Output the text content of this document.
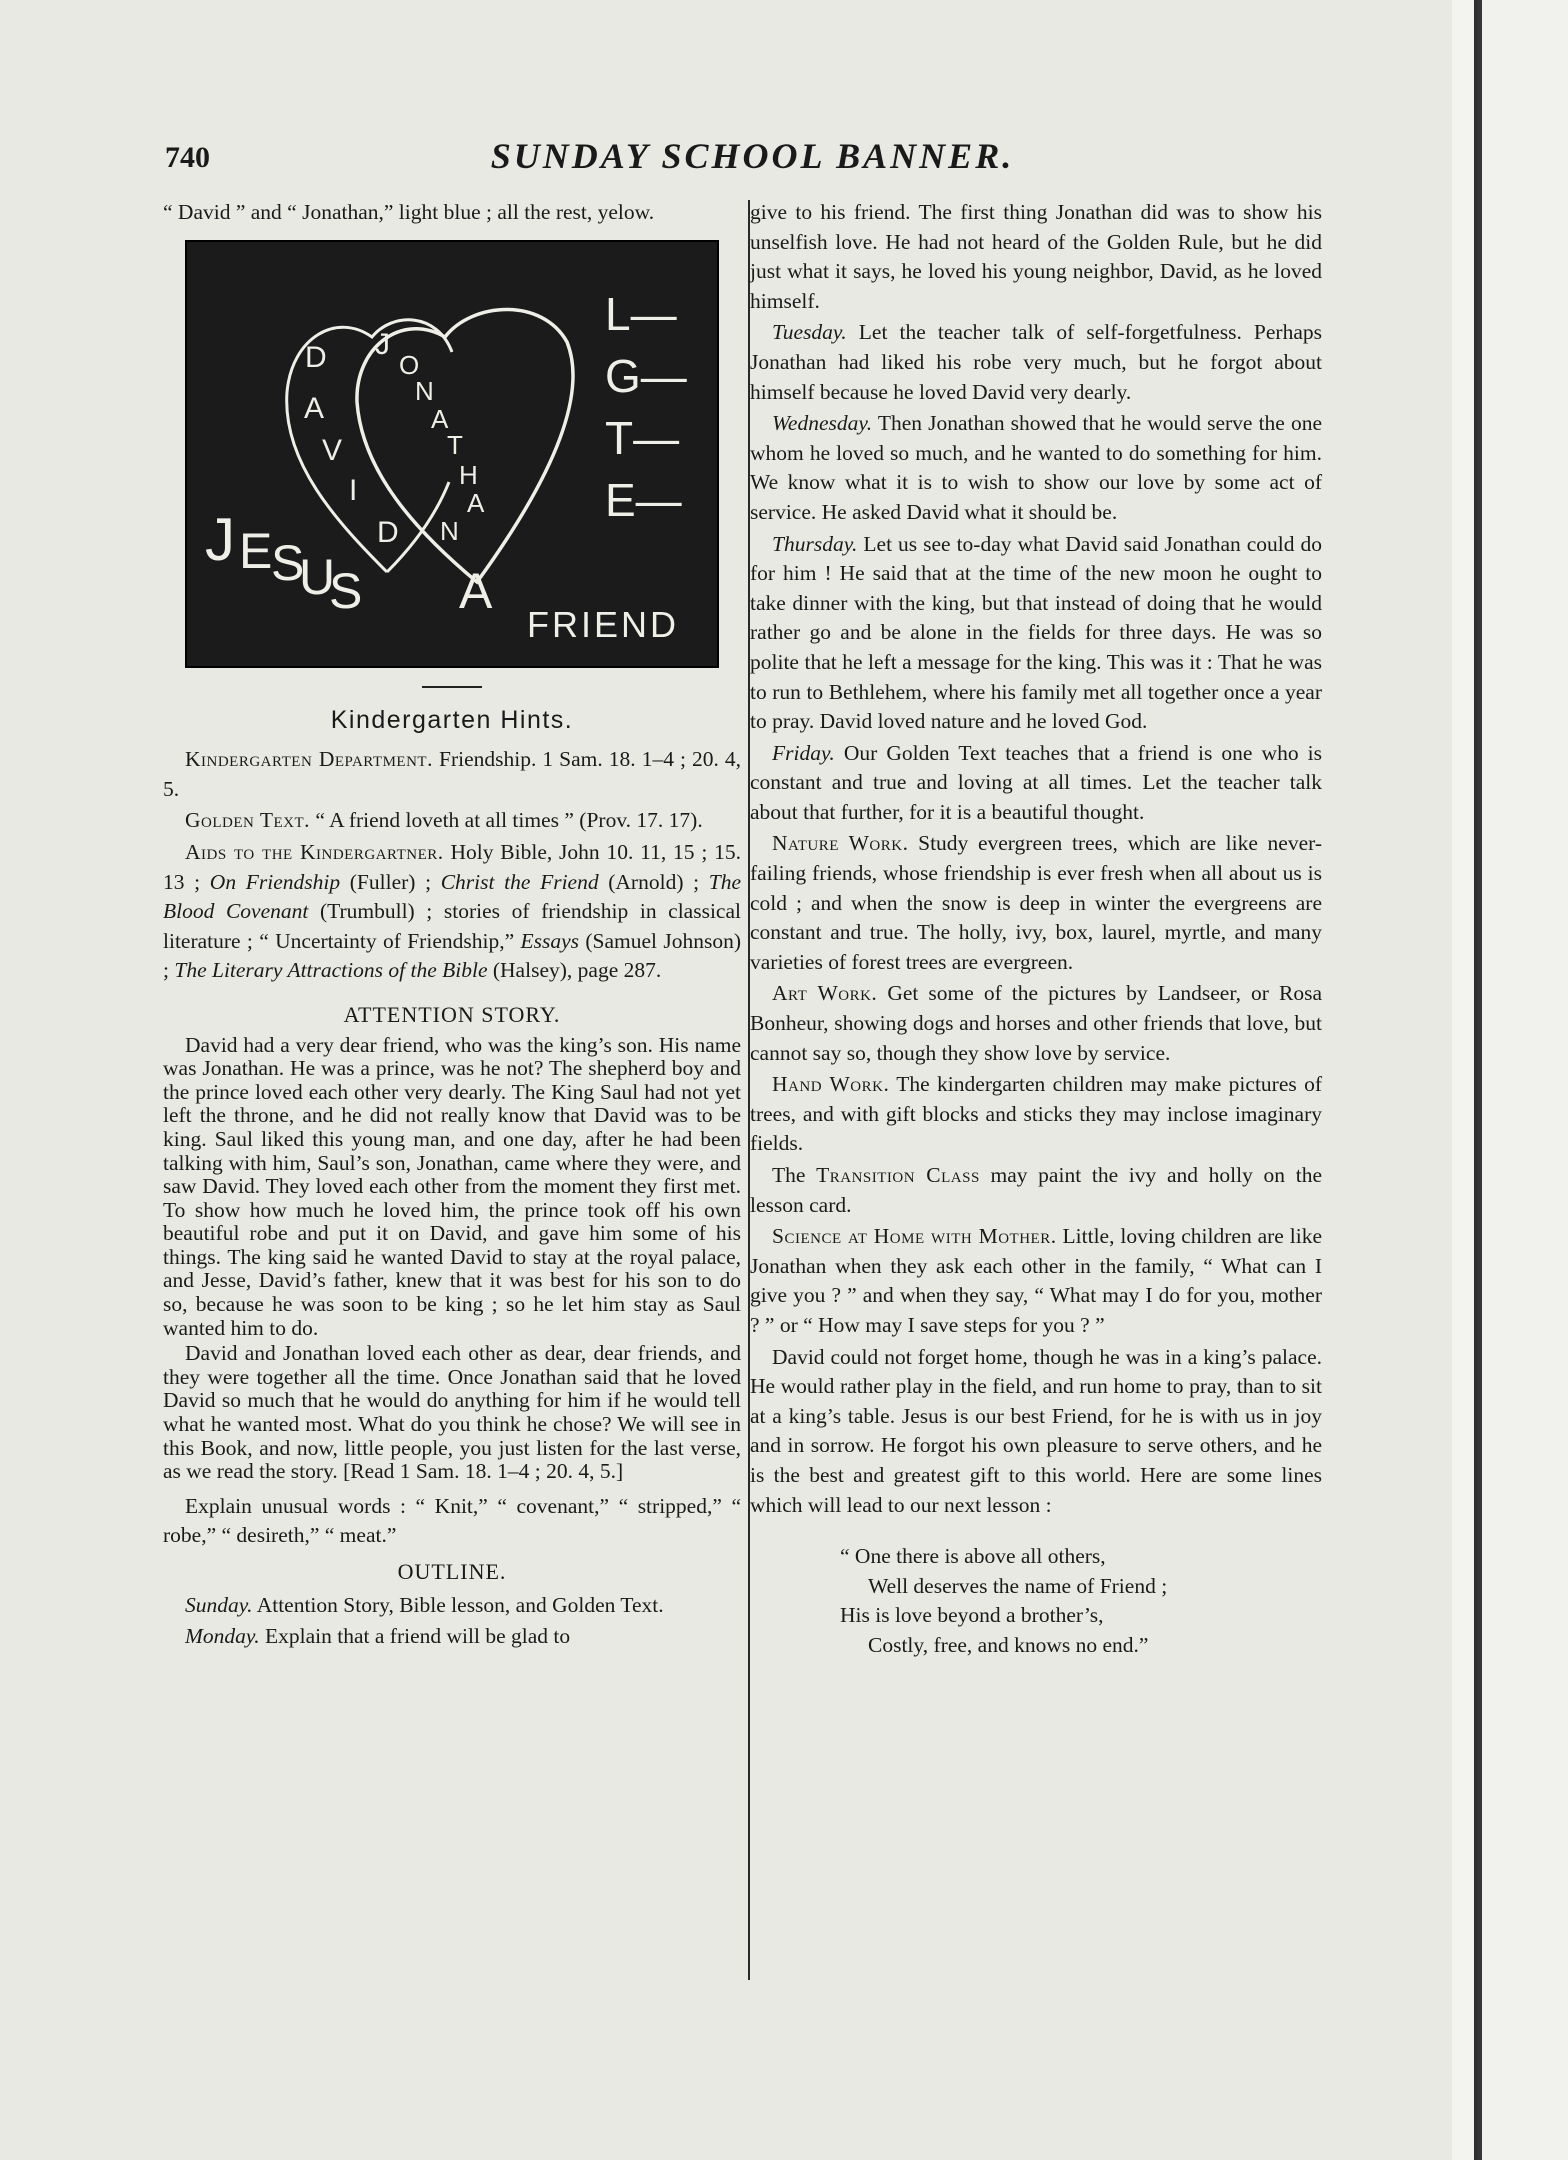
740	SUNDAY SCHOOL BANNER.

“ David ” and “ Jonathan,” light blue ; all the rest, yelow.

D
A
V
I
D
J
O
N
A
T
H
A
N
L—
G—
T—
E—
J E
S
U
S A
FRIEND
Kindergarten Hints.

Kindergarten Department. Friendship. 1 Sam. 18. 1–4 ; 20. 4, 5.

Golden Text. “ A friend loveth at all times ” (Prov. 17. 17).

Aids to the Kindergartner. Holy Bible, John 10. 11, 15 ; 15. 13 ; On Friendship (Fuller) ; Christ the Friend (Arnold) ; The Blood Covenant (Trumbull) ; stories of friendship in classical literature ; “ Uncertainty of Friendship,” Essays (Samuel Johnson) ; The Literary Attractions of the Bible (Halsey), page 287.

ATTENTION STORY.

David had a very dear friend, who was the king’s son. His name was Jonathan. He was a prince, was he not? The shepherd boy and the prince loved each other very dearly. The King Saul had not yet left the throne, and he did not really know that David was to be king. Saul liked this young man, and one day, after he had been talking with him, Saul’s son, Jonathan, came where they were, and saw David. They loved each other from the moment they first met. To show how much he loved him, the prince took off his own beautiful robe and put it on David, and gave him some of his things. The king said he wanted David to stay at the royal palace, and Jesse, David’s father, knew that it was best for his son to do so, because he was soon to be king ; so he let him stay as Saul wanted him to do.

David and Jonathan loved each other as dear, dear friends, and they were together all the time. Once Jonathan said that he loved David so much that he would do anything for him if he would tell what he wanted most. What do you think he chose? We will see in this Book, and now, little people, you just listen for the last verse, as we read the story. [Read 1 Sam. 18. 1–4 ; 20. 4, 5.]

Explain unusual words : “ Knit,” “ covenant,” “ stripped,” “ robe,” “ desireth,” “ meat.”

OUTLINE.

Sunday. Attention Story, Bible lesson, and Golden Text.

Monday. Explain that a friend will be glad to

give to his friend. The first thing Jonathan did was to show his unselfish love. He had not heard of the Golden Rule, but he did just what it says, he loved his young neighbor, David, as he loved himself.

Tuesday. Let the teacher talk of self-forgetfulness. Perhaps Jonathan had liked his robe very much, but he forgot about himself because he loved David very dearly.

Wednesday. Then Jonathan showed that he would serve the one whom he loved so much, and he wanted to do something for him. We know what it is to wish to show our love by some act of service. He asked David what it should be.

Thursday. Let us see to-day what David said Jonathan could do for him ! He said that at the time of the new moon he ought to take dinner with the king, but that instead of doing that he would rather go and be alone in the fields for three days. He was so polite that he left a message for the king. This was it : That he was to run to Bethlehem, where his family met all together once a year to pray. David loved nature and he loved God.

Friday. Our Golden Text teaches that a friend is one who is constant and true and loving at all times. Let the teacher talk about that further, for it is a beautiful thought.

Nature Work. Study evergreen trees, which are like never-failing friends, whose friendship is ever fresh when all about us is cold ; and when the snow is deep in winter the evergreens are constant and true. The holly, ivy, box, laurel, myrtle, and many varieties of forest trees are evergreen.

Art Work. Get some of the pictures by Landseer, or Rosa Bonheur, showing dogs and horses and other friends that love, but cannot say so, though they show love by service.

Hand Work. The kindergarten children may make pictures of trees, and with gift blocks and sticks they may inclose imaginary fields.

The Transition Class may paint the ivy and holly on the lesson card.

Science at Home with Mother. Little, loving children are like Jonathan when they ask each other in the family, “ What can I give you ? ” and when they say, “ What may I do for you, mother ? ” or “ How may I save steps for you ? ”

David could not forget home, though he was in a king’s palace. He would rather play in the field, and run home to pray, than to sit at a king’s table. Jesus is our best Friend, for he is with us in joy and in sorrow. He forgot his own pleasure to serve others, and he is the best and greatest gift to this world. Here are some lines which will lead to our next lesson :

“ One there is above all others,
Well deserves the name of Friend ;
His is love beyond a brother’s,
Costly, free, and knows no end.”
